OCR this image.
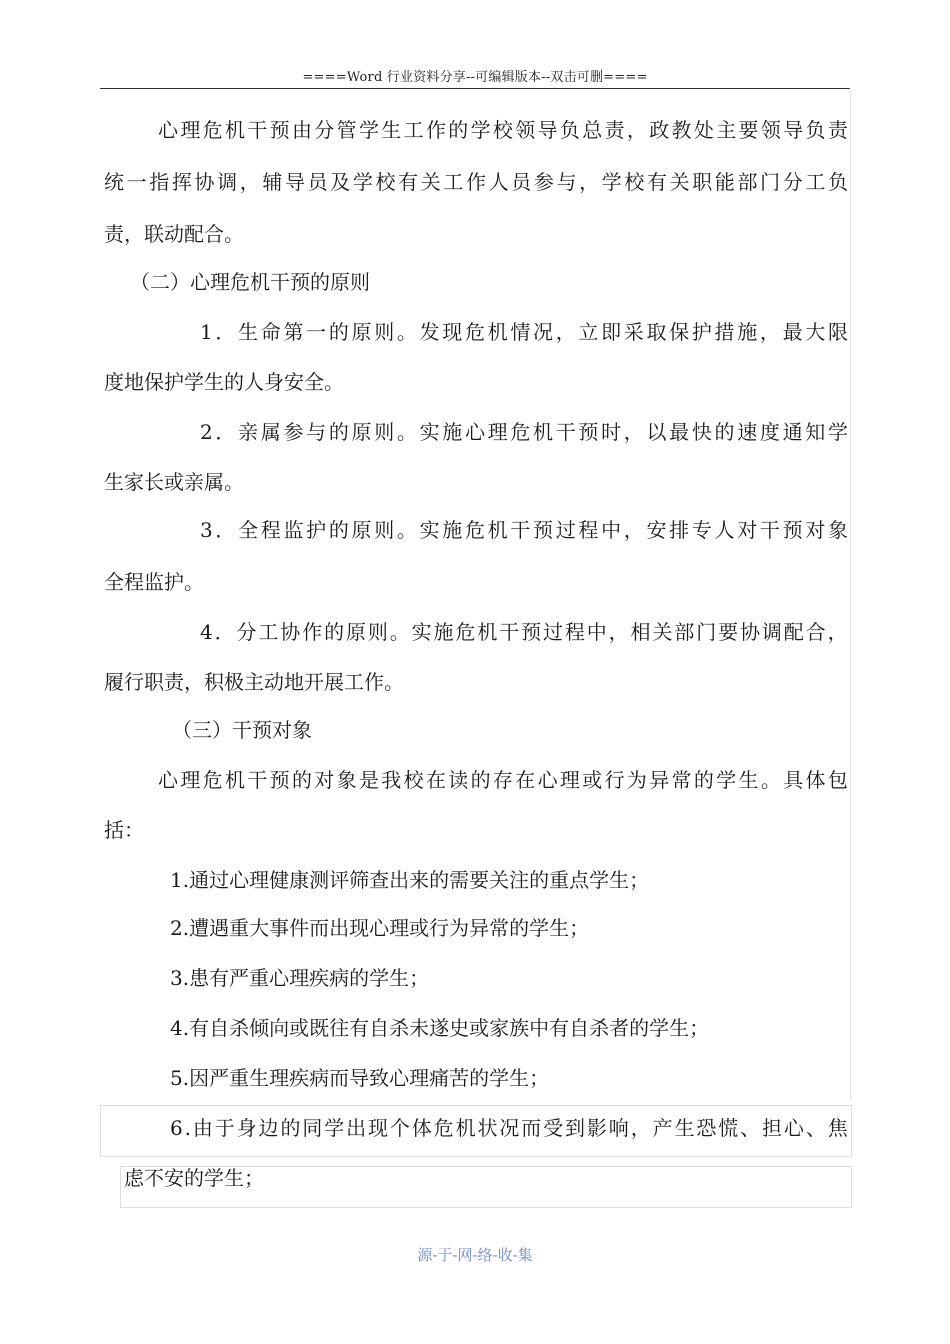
====Word 行业资料分享--可编辑版本--双击可删====
心 理 危 机 干 预 由 分 管 学 生 工 作 的 学 校 领 导 负 总 责 ， 政 教 处 主 要 领 导 负 责
统 一 指 挥 协 调 ， 辅 导 员 及 学 校 有 关 工 作 人 员 参 与 ， 学 校 有 关 职 能 部 门 分 工 负
责，联动配合。
（二）心理危机干预的原则
1 ． 生 命 第 一 的 原 则 。 发 现 危 机 情 况 ， 立 即 采 取 保 护 措 施 ， 最 大 限
度地保护学生的人身安全。
2 ． 亲 属 参 与 的 原 则 。 实 施 心 理 危 机 干 预 时 ， 以 最 快 的 速 度 通 知 学
生家长或亲属。
3 ． 全 程 监 护 的 原 则 。 实 施 危 机 干 预 过 程 中 ， 安 排 专 人 对 干 预 对 象
全程监护。
4 ． 分 工 协 作 的 原 则 。 实 施 危 机 干 预 过 程 中 ， 相 关 部 门 要 协 调 配 合 ，
履行职责，积极主动地开展工作。
（三）干预对象
心 理 危 机 干 预 的 对 象 是 我 校 在 读 的 存 在 心 理 或 行 为 异 常 的 学 生 。 具 体 包
括：
1.通过心理健康测评筛查出来的需要关注的重点学生；
2.遭遇重大事件而出现心理或行为异常的学生；
3.患有严重心理疾病的学生；
4.有自杀倾向或既往有自杀未遂史或家族中有自杀者的学生；
5.因严重生理疾病而导致心理痛苦的学生；
6 . 由 于 身 边 的 同 学 出 现 个 体 危 机 状 况 而 受 到 影 响 ， 产 生 恐 慌 、 担 心 、 焦
虑不安的学生；
源-于-网-络-收-集
